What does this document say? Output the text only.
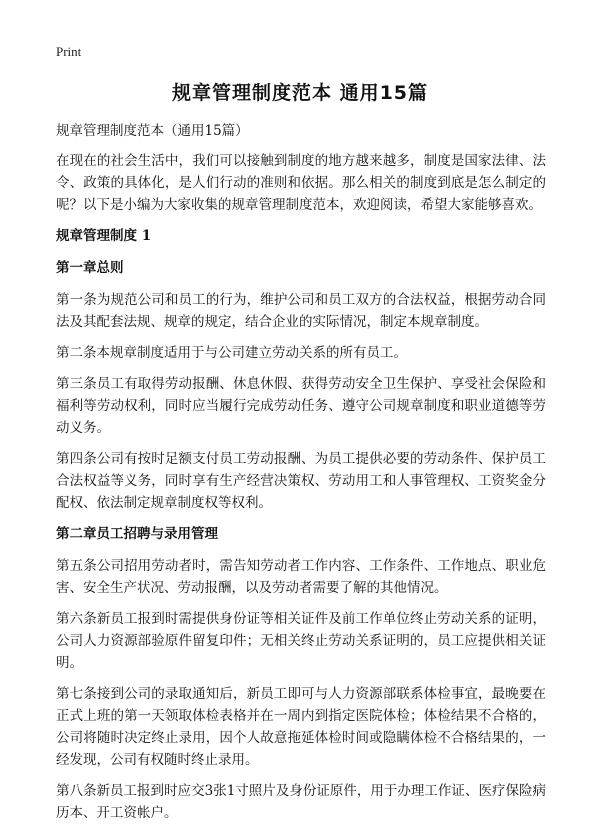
Print
规章管理制度范本 通用15篇

规章管理制度范本（通用15篇）

在现在的社会生活中，我们可以接触到制度的地方越来越多，制度是国家法律、法令、政策的具体化，是人们行动的准则和依据。那么相关的制度到底是怎么制定的呢？以下是小编为大家收集的规章管理制度范本，欢迎阅读，希望大家能够喜欢。

规章管理制度 1

第一章总则

第一条为规范公司和员工的行为，维护公司和员工双方的合法权益，根据劳动合同法及其配套法规、规章的规定，结合企业的实际情况，制定本规章制度。

第二条本规章制度适用于与公司建立劳动关系的所有员工。

第三条员工有取得劳动报酬、休息休假、获得劳动安全卫生保护、享受社会保险和福利等劳动权利，同时应当履行完成劳动任务、遵守公司规章制度和职业道德等劳动义务。

第四条公司有按时足额支付员工劳动报酬、为员工提供必要的劳动条件、保护员工合法权益等义务，同时享有生产经营决策权、劳动用工和人事管理权、工资奖金分配权、依法制定规章制度权等权利。

第二章员工招聘与录用管理

第五条公司招用劳动者时，需告知劳动者工作内容、工作条件、工作地点、职业危害、安全生产状况、劳动报酬，以及劳动者需要了解的其他情况。

第六条新员工报到时需提供身份证等相关证件及前工作单位终止劳动关系的证明，公司人力资源部验原件留复印件；无相关终止劳动关系证明的，员工应提供相关证明。

第七条接到公司的录取通知后，新员工即可与人力资源部联系体检事宜，最晚要在正式上班的第一天领取体检表格并在一周内到指定医院体检；体检结果不合格的，公司将随时决定终止录用，因个人故意拖延体检时间或隐瞒体检不合格结果的，一经发现，公司有权随时终止录用。

第八条新员工报到时应交3张1寸照片及身份证原件，用于办理工作证、医疗保险病历本、开工资帐户。
